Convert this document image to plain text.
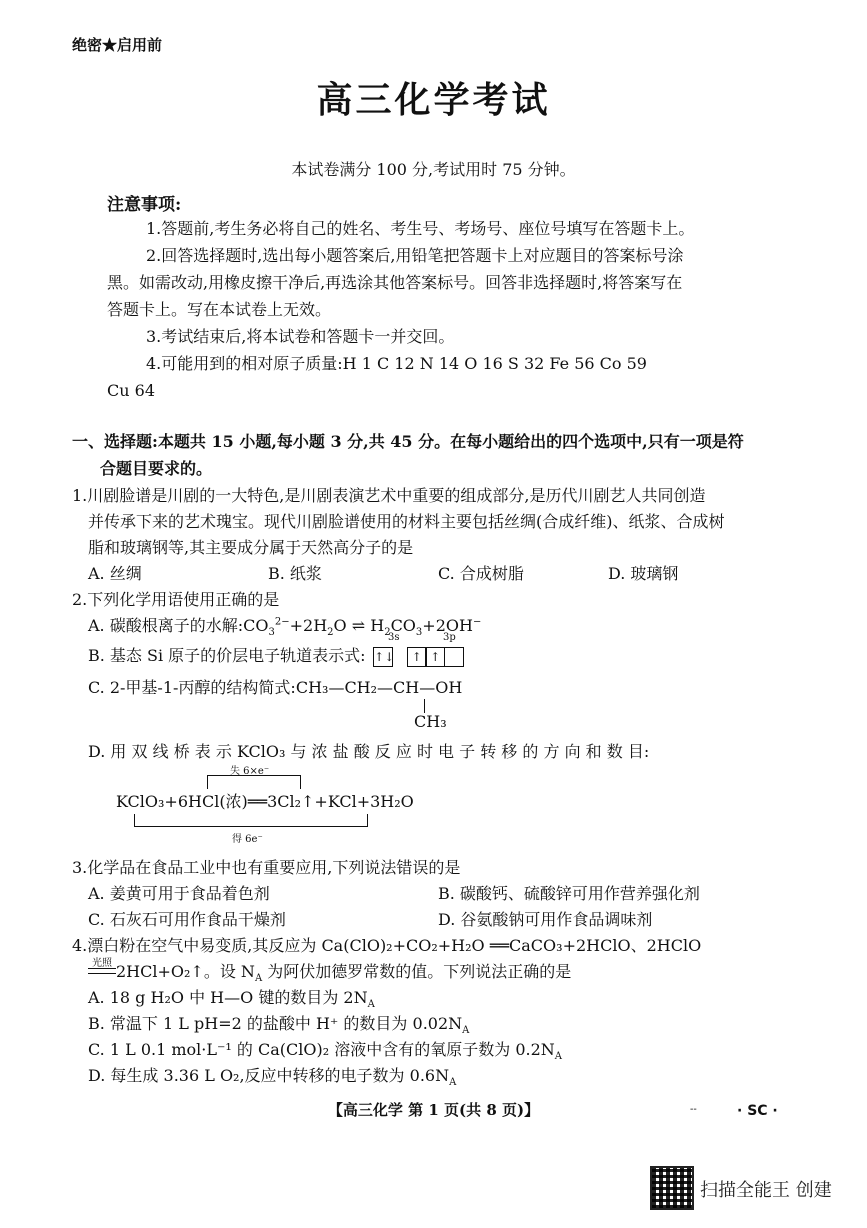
绝密★启用前
高三化学考试
本试卷满分 100 分,考试用时 75 分钟。
注意事项:
1.答题前,考生务必将自己的姓名、考生号、考场号、座位号填写在答题卡上。
2.回答选择题时,选出每小题答案后,用铅笔把答题卡上对应题目的答案标号涂
黑。如需改动,用橡皮擦干净后,再选涂其他答案标号。回答非选择题时,将答案写在
答题卡上。写在本试卷上无效。
3.考试结束后,将本试卷和答题卡一并交回。
4.可能用到的相对原子质量:H 1 C 12 N 14 O 16 S 32 Fe 56 Co 59
Cu 64
一、选择题:本题共 15 小题,每小题 3 分,共 45 分。在每小题给出的四个选项中,只有一项是符
合题目要求的。
1.川剧脸谱是川剧的一大特色,是川剧表演艺术中重要的组成部分,是历代川剧艺人共同创造
并传承下来的艺术瑰宝。现代川剧脸谱使用的材料主要包括丝绸(合成纤维)、纸浆、合成树
脂和玻璃钢等,其主要成分属于天然高分子的是
A. 丝绸	B. 纸浆	C. 合成树脂	D. 玻璃钢
2.下列化学用语使用正确的是
A. 碳酸根离子的水解$:CO_3^{2-}+2H_2O$ ⇌ $H_2CO_3+2OH^-$
3s	3p
B. 基态 Si 原子的价层电子轨道表示式: ↑↓ ↑ ↑
C. 2-甲基-1-丙醇的结构简式:CH₃—CH₂—CH—OH
CH₃
D. 用 双 线 桥 表 示 KClO₃ 与 浓 盐 酸 反 应 时 电 子 转 移 的 方 向 和 数 目:
失 6×e⁻
KClO₃+6HCl(浓)══3Cl₂↑+KCl+3H₂O
得 6e⁻
3.化学品在食品工业中也有重要应用,下列说法错误的是
A. 姜黄可用于食品着色剂	B. 碳酸钙、硫酸锌可用作营养强化剂
C. 石灰石可用作食品干燥剂	D. 谷氨酸钠可用作食品调味剂
4.漂白粉在空气中易变质,其反应为 Ca(ClO)₂+CO₂+H₂O ══CaCO₃+2HClO、2HClO
光照 2HCl+O₂↑。设 $N_A$ 为阿伏加德罗常数的值。下列说法正确的是
A. 18 g H₂O 中 H—O 键的数目为 $2N_A$
B. 常温下 1 L pH=2 的盐酸中 H⁺ 的数目为 $0.02N_A$
C. 1 L 0.1 mol·L⁻¹ 的 Ca(ClO)₂ 溶液中含有的氧原子数为 $0.2N_A$
D. 每生成 3.36 L O₂,反应中转移的电子数为 $0.6N_A$
【高三化学 第 1 页(共 8 页)】	--	· SC ·
扫描全能王 创建
